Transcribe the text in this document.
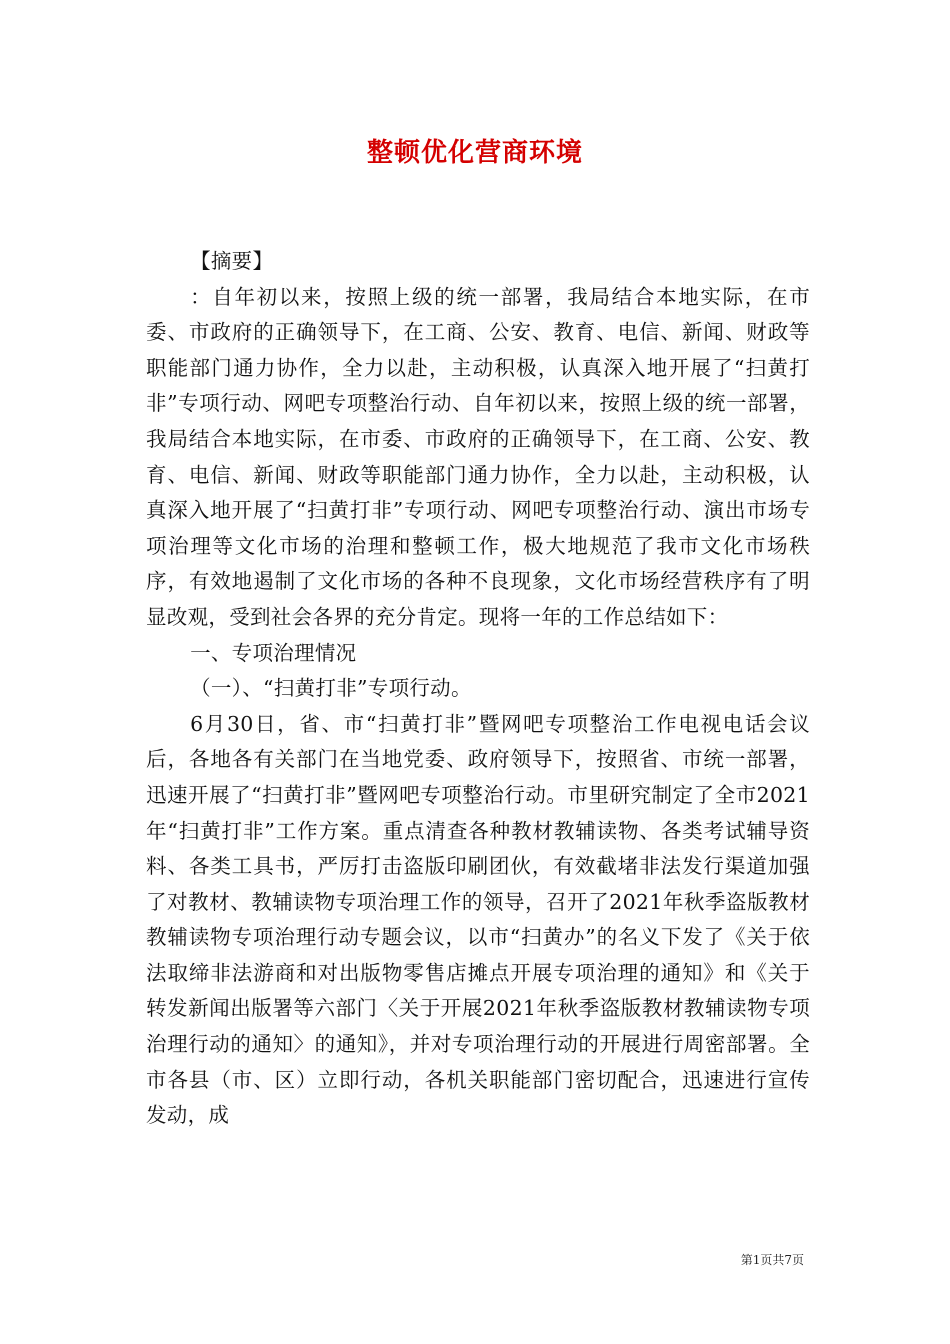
整顿优化营商环境

【摘要】

：自年初以来，按照上级的统一部署，我局结合本地实际，在市委、市政府的正确领导下，在工商、公安、教育、电信、新闻、财政等职能部门通力协作，全力以赴，主动积极，认真深入地开展了“扫黄打非”专项行动、网吧专项整治行动、自年初以来，按照上级的统一部署，我局结合本地实际，在市委、市政府的正确领导下，在工商、公安、教育、电信、新闻、财政等职能部门通力协作，全力以赴，主动积极，认真深入地开展了“扫黄打非”专项行动、网吧专项整治行动、演出市场专项治理等文化市场的治理和整顿工作，极大地规范了我市文化市场秩序，有效地遏制了文化市场的各种不良现象，文化市场经营秩序有了明显改观，受到社会各界的充分肯定。现将一年的工作总结如下：

一、专项治理情况

（一）、“扫黄打非”专项行动。

6月30日，省、市“扫黄打非”暨网吧专项整治工作电视电话会议后，各地各有关部门在当地党委、政府领导下，按照省、市统一部署，迅速开展了“扫黄打非”暨网吧专项整治行动。市里研究制定了全市2021年“扫黄打非”工作方案。重点清查各种教材教辅读物、各类考试辅导资料、各类工具书，严厉打击盗版印刷团伙，有效截堵非法发行渠道加强了对教材、教辅读物专项治理工作的领导，召开了2021年秋季盗版教材教辅读物专项治理行动专题会议，以市“扫黄办”的名义下发了《关于依法取缔非法游商和对出版物零售店摊点开展专项治理的通知》和《关于转发新闻出版署等六部门〈关于开展2021年秋季盗版教材教辅读物专项治理行动的通知〉的通知》，并对专项治理行动的开展进行周密部署。全市各县（市、区）立即行动，各机关职能部门密切配合，迅速进行宣传发动，成

第1页共7页
